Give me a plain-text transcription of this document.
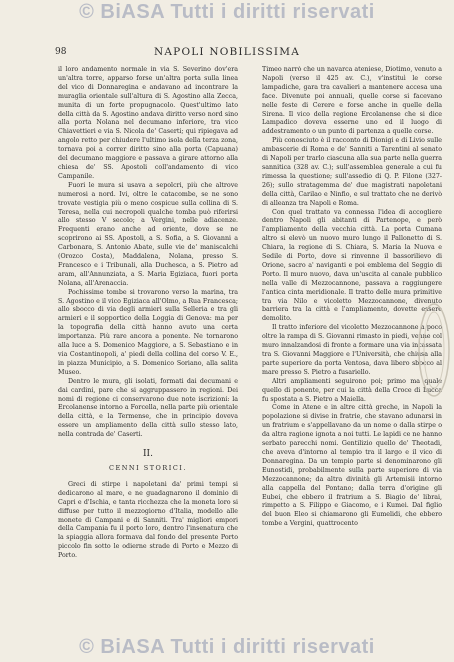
© BiASA Tutti i diritti riservati
98	NAPOLI NOBILISSIMA

il loro andamento normale in via S. Severino dov'era un'altra torre, apparso forse un'altra porta sulla linea del vico di Donnaregina e andavano ad incontrare la muraglia orientale sull'altura di S. Agostino alla Zecca, munita di un forte propugnacolo. Quest'ultimo lato della città da S. Agostino andava diritto verso nord sino alla porta Nolana nel decumano inferiore, tra vico Chiavettieri e via S. Nicola de' Caserti; qui ripiegava ad angolo retto per chiudere l'ultimo isola della terza zona, tornava poi a correr diritto sino alla porta (Capuana) del decumano maggiore e passava a girare attorno alla chiesa de' SS. Apostoli coll'andamento di vico Campanile.

Fuori le mura si usava a sepolcri, più che altrove numerosi a nord. Ivi, oltre le catacombe, se ne sono trovate vestigia più o meno cospicue sulla collina di S. Teresa, nella cui necropoli qualche tomba può riferirsi allo stesso V secolo; a Vergini, nelle adiacenze. Frequenti erano anche ad oriente, dove se ne scoprirono ai SS. Apostoli, a S. Sofia, a S. Giovanni a Carbonara, S. Antonio Abate, sulle vie de' maniscalchi (Orozco Costa), Maddalena, Nolana, presso S. Francesco e i Tribunali, alla Duchesca, a S. Pietro ad aram, all'Annunziata, a S. Maria Egiziaca, fuori porta Nolana, all'Arenaccia.

Pochissime tombe si trovarono verso la marina, tra S. Agostino e il vico Egiziaca all'Olmo, a Rua Francesca; allo sbocco di via degli armieri sulla Selleria e tra gli armieri e il sopportico della Loggia di Genova: ma per la topografia della città hanno avuto una certa importanza. Più rare ancora a ponente. Ne tornarono alla luce a S. Domenico Maggiore, a S. Sebastiano e in via Costantinopoli, a' piedi della collina del corso V. E., in piazza Municipio, a S. Domenico Soriano, alla salita Museo.

Dentro le mura, gli isolati, formati dai decumani e dai cardini, pare che si aggruppassero in regioni. Dei nomi di regione ci conservarono due note iscrizioni: la Ercolanense intorno a Forcella, nella parte più orientale della città, e la Termense, che in principio doveva essere un ampliamento della città sullo stesso lato, nella contrada de' Caserti.

II.
CENNI STORICI.

Greci di stirpe i napoletani da' primi tempi si dedicarono al mare, e ne guadagnarono il dominio di Capri e d'Ischia, e tanta ricchezza che la moneta loro si diffuse per tutto il mezzogiorno d'Italia, modello alle monete di Campani e di Sanniti. Tra' migliori empori della Campania fu il porto loro, dentro l'insenatura che la spiaggia allora formava dal fondo del presente Porto piccolo fin sotto le odierne strade di Porto e Mezzo di Porto.

Timeo narrò che un navarca ateniese, Diotimo, venuto a Napoli (verso il 425 av. C.), v'instituì le corse lampadiche, gara tra cavalieri a mantenere accesa una face. Divenute poi annuali, quelle corse si facevano nelle feste di Cerere e forse anche in quelle della Sirena. Il vico della regione Ercolanense che si dice Lampadico doveva esserne uno ed il luogo di addestramento o un punto di partenza a quelle corse.

Più conosciuto è il racconto di Dionigi e di Livio sulle ambascerie di Roma e de' Sanniti a Tarentini al senato di Napoli per trarlo ciascuna alla sua parte nella guerra sannitica (328 av. C.); sull'assemblea generale a cui fu rimessa la questione; sull'assedio di Q. P. Filone (327-26); sullo stratagemma de' due magistrati napoletani della città, Carilao e Ninfio, e sul trattato che ne derivò di alleanza tra Napoli e Roma.

Con quel trattato va connessa l'idea di accogliere dentro Napoli gli abitanti di Partenope, e però l'ampliamento della vecchia città. La porta Cumana altro si elevò un nuovo muro lungo il Pallonetto di S. Chiara, la regione di S. Chiara, S. Maria la Nuova e Sedile di Porto, dove si rinvenne il bassorilievo di Orione, sacro a' naviganti e poi emblema del Seggio di Porto. Il muro nuovo, dava un'uscita al canale pubblico nella valle di Mezzocannone, passava a raggiungere l'antica cinta meridionale. Il tratto delle mura primitive tra via Nilo e vicoletto Mezzocannone, divenuto barriera tra la città e l'ampliamento, dovette essere demolito.

Il tratto inferiore del vicoletto Mezzocannone a poco oltre la rampa di S. Giovanni rimasto in piedi, venne col muro innalzandosi di fronte a formare una via incassata tra S. Giovanni Maggiore e l'Università, che chiusa alla parte superiore da porta Ventosa, dava libero sbocco al mare presso S. Pietro a fusariello.

Altri ampliamenti seguirono poi; primo ma quale quello di ponente, per cui la città della Croce di Lucca fu spostata a S. Pietro a Maiella.

Come in Atene e in altre città greche, in Napoli la popolazione si divise in fratrie, che stavano adunarsi in un fratrium e s'appellavano da un nome o dalla stirpe o da altra ragione ignota a noi tutti. Le lapidi ce ne hanno serbato parecchi nomi. Gentilizio quello de' Theotadi, che aveva d'intorno al tempio tra il largo e il vico di Donnaregina. Da un tempio parte si denominarono gli Eunostidi, probabilmente sulla parte superiore di via Mezzocannone; da altra divinità gli Artemisii intorno alla cappella del Pontano; dalla terra d'origine gli Eubei, che ebbero il fratrium a S. Biagio de' librai, rimpetto a S. Filippo e Giacomo, e i Kumei. Dal figlio del buon Eleo si chiamarono gli Eumelidi, che ebbero tombe a Vergini, quattrocento

© BiASA Tutti i diritti riservati
